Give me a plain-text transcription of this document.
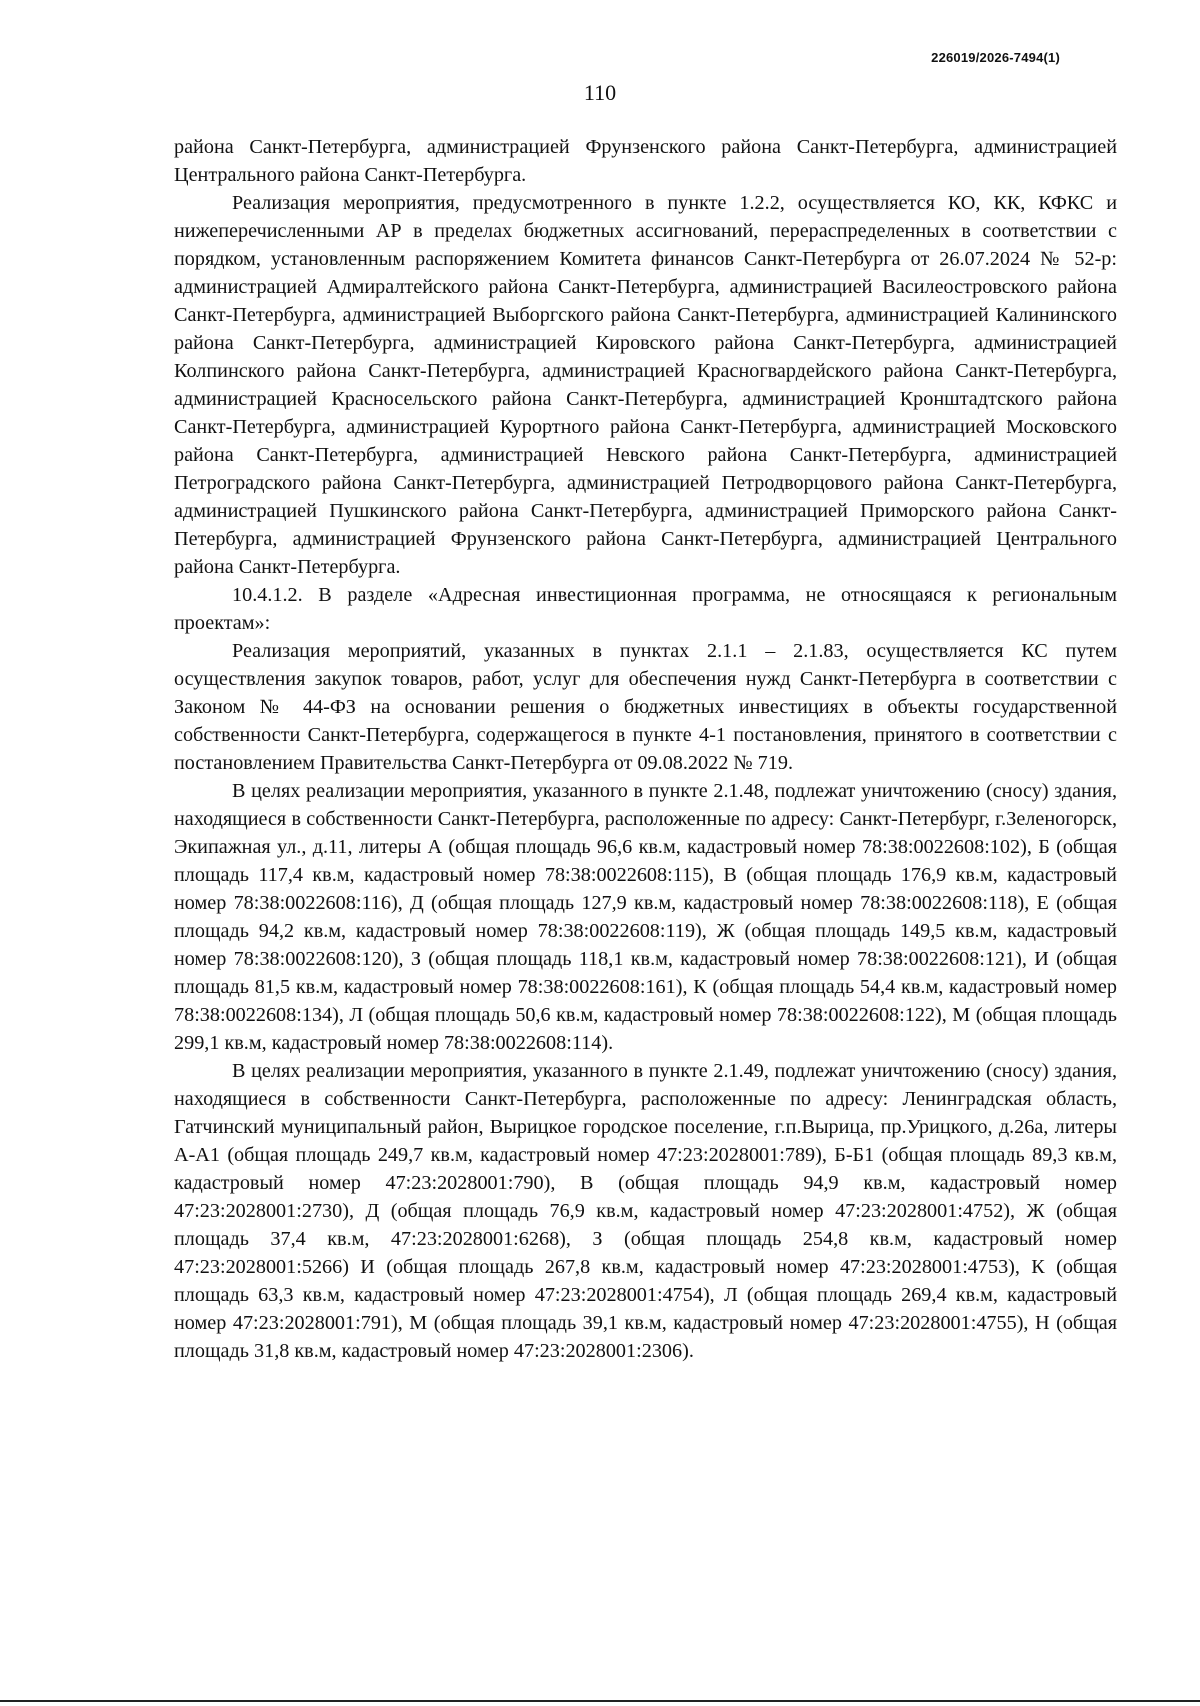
226019/2026-7494(1)
110

района Санкт-Петербурга, администрацией Фрунзенского района Санкт-Петербурга, администрацией Центрального района Санкт-Петербурга.

Реализация мероприятия, предусмотренного в пункте 1.2.2, осуществляется КО, КК, КФКС и нижеперечисленными АР в пределах бюджетных ассигнований, перераспределенных в соответствии с порядком, установленным распоряжением Комитета финансов Санкт-Петербурга от 26.07.2024 № 52-р: администрацией Адмиралтейского района Санкт-Петербурга, администрацией Василеостровского района Санкт-Петербурга, администрацией Выборгского района Санкт-Петербурга, администрацией Калининского района Санкт-Петербурга, администрацией Кировского района Санкт-Петербурга, администрацией Колпинского района Санкт-Петербурга, администрацией Красногвардейского района Санкт-Петербурга, администрацией Красносельского района Санкт-Петербурга, администрацией Кронштадтского района Санкт-Петербурга, администрацией Курортного района Санкт-Петербурга, администрацией Московского района Санкт-Петербурга, администрацией Невского района Санкт-Петербурга, администрацией Петроградского района Санкт-Петербурга, администрацией Петродворцового района Санкт-Петербурга, администрацией Пушкинского района Санкт-Петербурга, администрацией Приморского района Санкт-Петербурга, администрацией Фрунзенского района Санкт-Петербурга, администрацией Центрального района Санкт-Петербурга.

10.4.1.2. В разделе «Адресная инвестиционная программа, не относящаяся к региональным проектам»:

Реализация мероприятий, указанных в пунктах 2.1.1 – 2.1.83, осуществляется КС путем осуществления закупок товаров, работ, услуг для обеспечения нужд Санкт-Петербурга в соответствии с Законом № 44-ФЗ на основании решения о бюджетных инвестициях в объекты государственной собственности Санкт-Петербурга, содержащегося в пункте 4-1 постановления, принятого в соответствии с постановлением Правительства Санкт-Петербурга от 09.08.2022 № 719.

В целях реализации мероприятия, указанного в пункте 2.1.48, подлежат уничтожению (сносу) здания, находящиеся в собственности Санкт-Петербурга, расположенные по адресу: Санкт-Петербург, г.Зеленогорск, Экипажная ул., д.11, литеры А (общая площадь 96,6 кв.м, кадастровый номер 78:38:0022608:102), Б (общая площадь 117,4 кв.м, кадастровый номер 78:38:0022608:115), В (общая площадь 176,9 кв.м, кадастровый номер 78:38:0022608:116), Д (общая площадь 127,9 кв.м, кадастровый номер 78:38:0022608:118), Е (общая площадь 94,2 кв.м, кадастровый номер 78:38:0022608:119), Ж (общая площадь 149,5 кв.м, кадастровый номер 78:38:0022608:120), З (общая площадь 118,1 кв.м, кадастровый номер 78:38:0022608:121), И (общая площадь 81,5 кв.м, кадастровый номер 78:38:0022608:161), К (общая площадь 54,4 кв.м, кадастровый номер 78:38:0022608:134), Л (общая площадь 50,6 кв.м, кадастровый номер 78:38:0022608:122), М (общая площадь 299,1 кв.м, кадастровый номер 78:38:0022608:114).

В целях реализации мероприятия, указанного в пункте 2.1.49, подлежат уничтожению (сносу) здания, находящиеся в собственности Санкт-Петербурга, расположенные по адресу: Ленинградская область, Гатчинский муниципальный район, Вырицкое городское поселение, г.п.Вырица, пр.Урицкого, д.26а, литеры А-А1 (общая площадь 249,7 кв.м, кадастровый номер 47:23:2028001:789), Б-Б1 (общая площадь 89,3 кв.м, кадастровый номер 47:23:2028001:790), В (общая площадь 94,9 кв.м, кадастровый номер 47:23:2028001:2730), Д (общая площадь 76,9 кв.м, кадастровый номер 47:23:2028001:4752), Ж (общая площадь 37,4 кв.м, 47:23:2028001:6268), З (общая площадь 254,8 кв.м, кадастровый номер 47:23:2028001:5266) И (общая площадь 267,8 кв.м, кадастровый номер 47:23:2028001:4753), К (общая площадь 63,3 кв.м, кадастровый номер 47:23:2028001:4754), Л (общая площадь 269,4 кв.м, кадастровый номер 47:23:2028001:791), М (общая площадь 39,1 кв.м, кадастровый номер 47:23:2028001:4755), Н (общая площадь 31,8 кв.м, кадастровый номер 47:23:2028001:2306).
